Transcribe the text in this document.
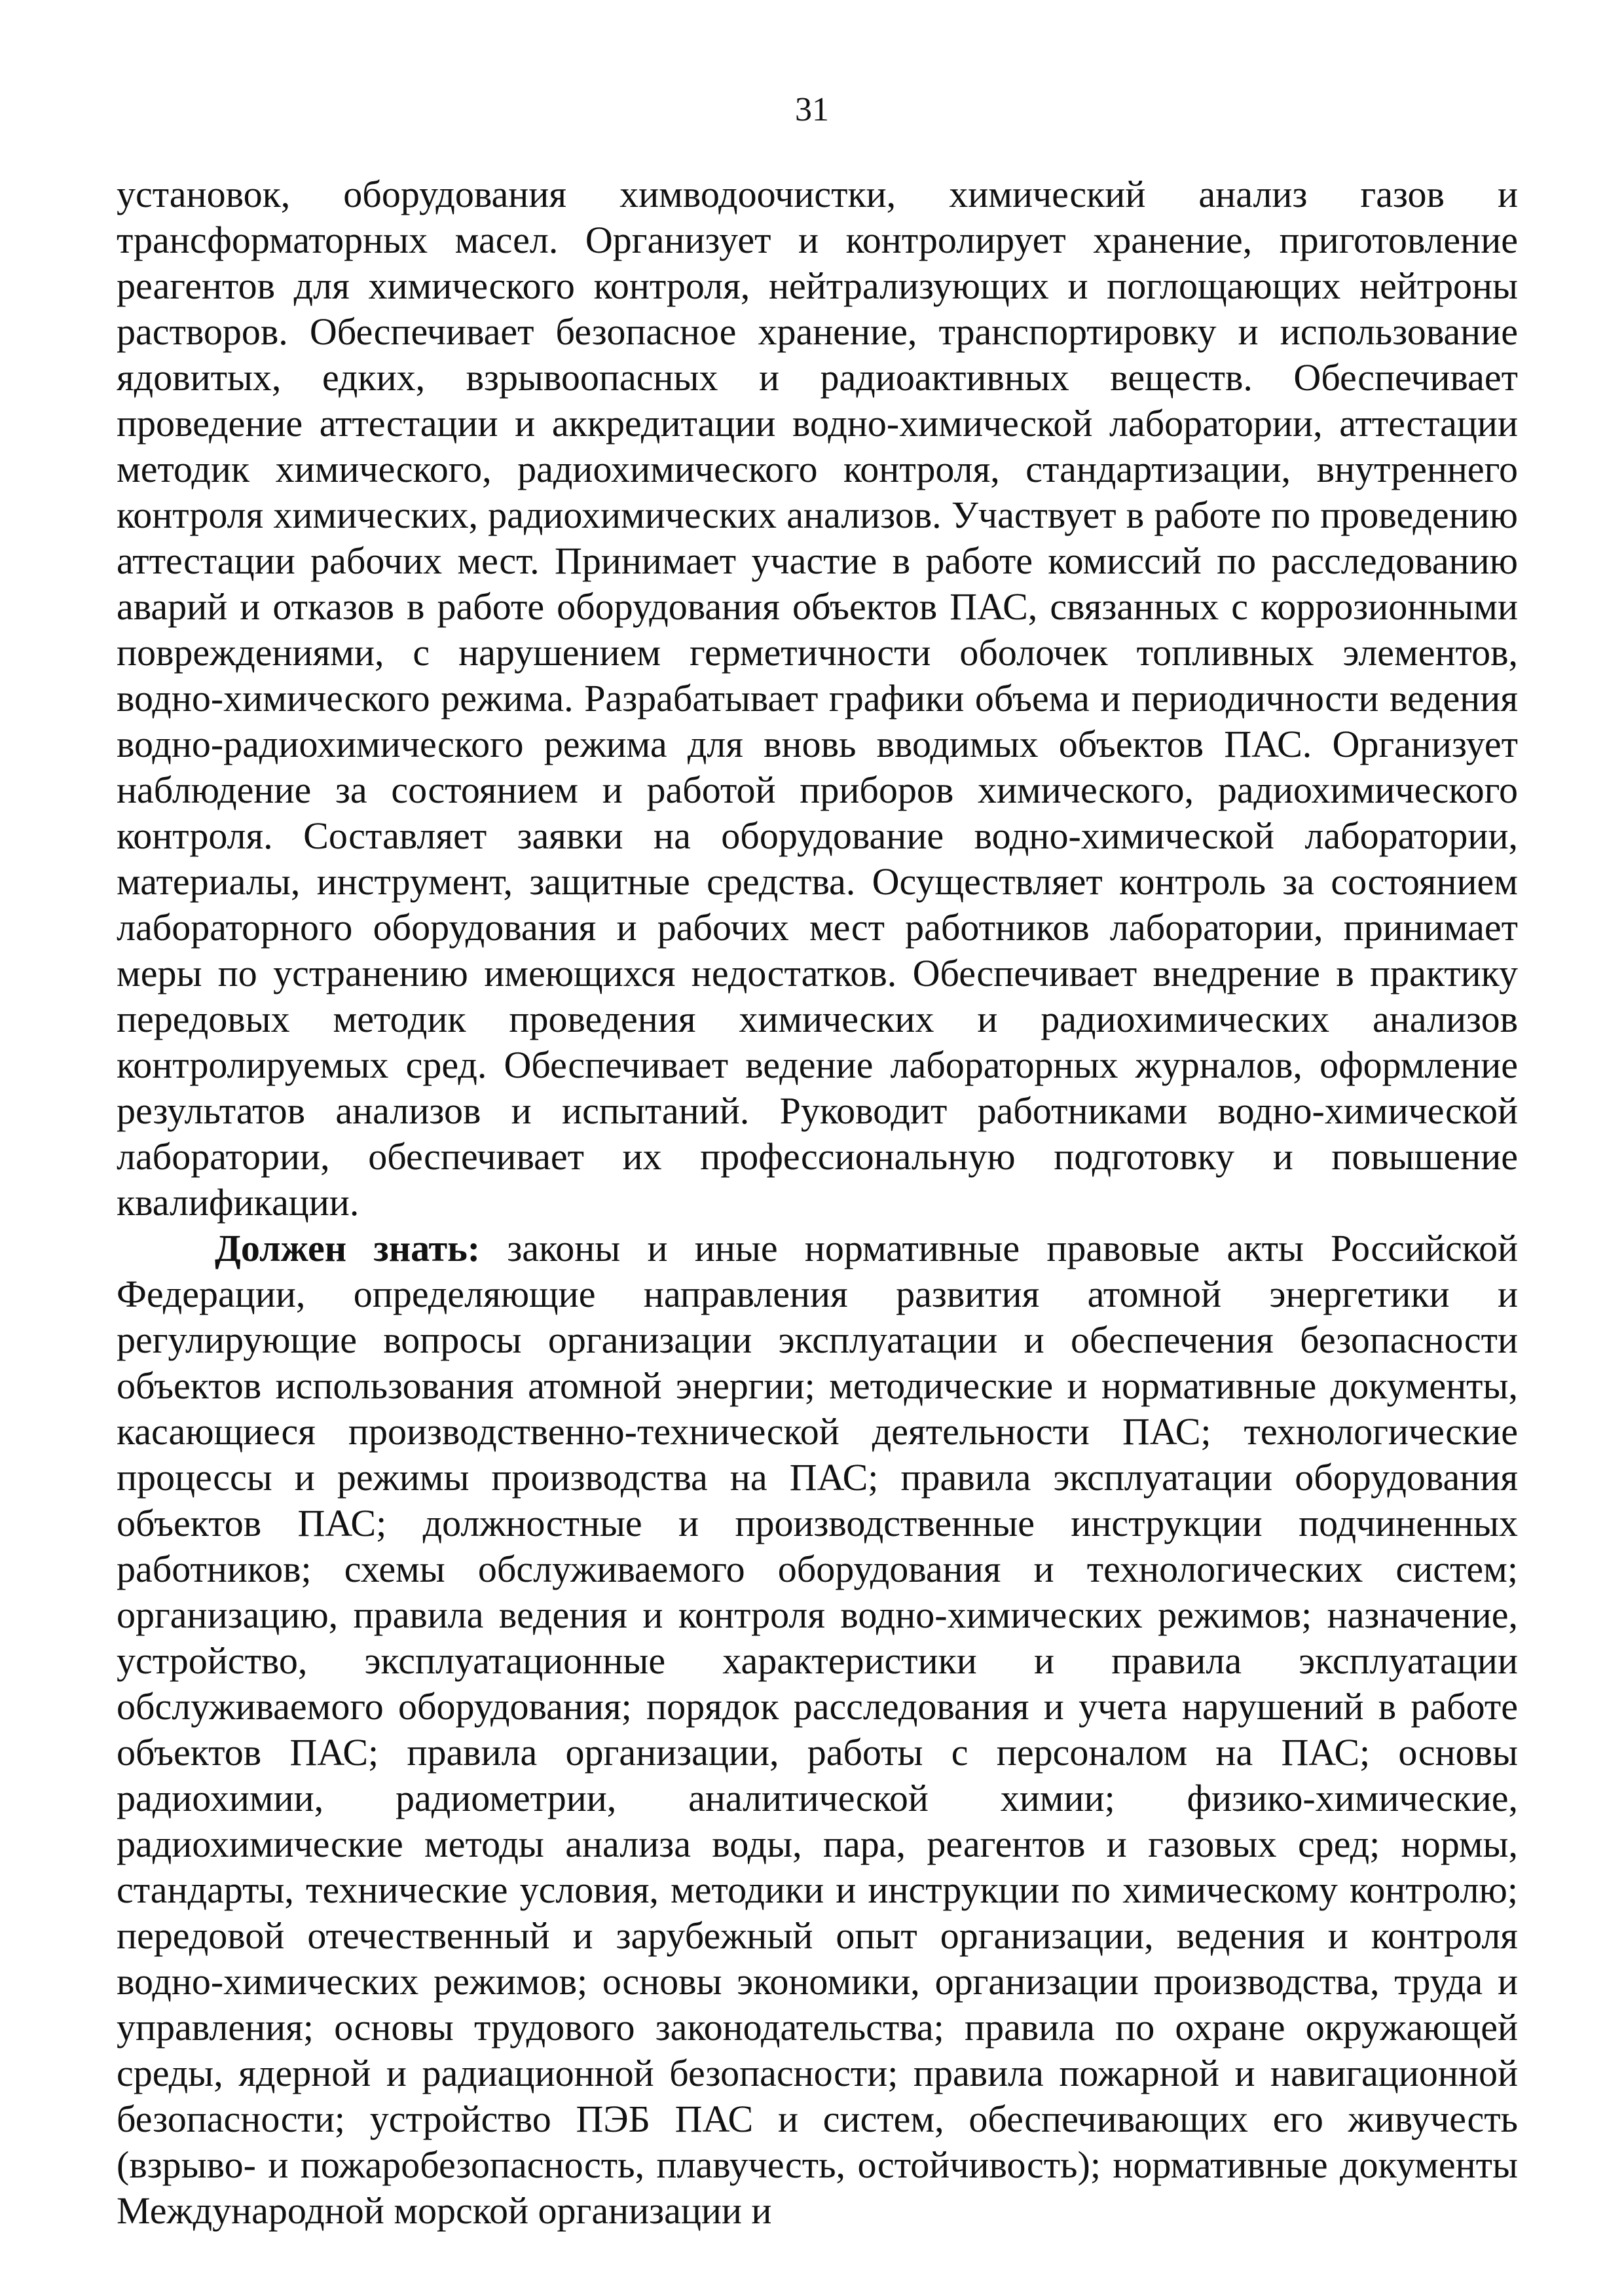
31

установок, оборудования химводоочистки, химический анализ газов и трансформаторных масел. Организует и контролирует хранение, приготовление реагентов для химического контроля, нейтрализующих и поглощающих нейтроны растворов. Обеспечивает безопасное хранение, транспортировку и использование ядовитых, едких, взрывоопасных и радиоактивных веществ. Обеспечивает проведение аттестации и аккредитации водно-химической лаборатории, аттестации методик химического, радиохимического контроля, стандартизации, внутреннего контроля химических, радиохимических анализов. Участвует в работе по проведению аттестации рабочих мест. Принимает участие в работе комиссий по расследованию аварий и отказов в работе оборудования объектов ПАС, связанных с коррозионными повреждениями, с нарушением герметичности оболочек топливных элементов, водно-химического режима. Разрабатывает графики объема и периодичности ведения водно-радиохимического режима для вновь вводимых объектов ПАС. Организует наблюдение за состоянием и работой приборов химического, радиохимического контроля. Составляет заявки на оборудование водно-химической лаборатории, материалы, инструмент, защитные средства. Осуществляет контроль за состоянием лабораторного оборудования и рабочих мест работников лаборатории, принимает меры по устранению имеющихся недостатков. Обеспечивает внедрение в практику передовых методик проведения химических и радиохимических анализов контролируемых сред. Обеспечивает ведение лабораторных журналов, оформление результатов анализов и испытаний. Руководит работниками водно-химической лаборатории, обеспечивает их профессиональную подготовку и повышение квалификации.

Должен знать: законы и иные нормативные правовые акты Российской Федерации, определяющие направления развития атомной энергетики и регулирующие вопросы организации эксплуатации и обеспечения безопасности объектов использования атомной энергии; методические и нормативные документы, касающиеся производственно-технической деятельности ПАС; технологические процессы и режимы производства на ПАС; правила эксплуатации оборудования объектов ПАС; должностные и производственные инструкции подчиненных работников; схемы обслуживаемого оборудования и технологических систем; организацию, правила ведения и контроля водно-химических режимов; назначение, устройство, эксплуатационные характеристики и правила эксплуатации обслуживаемого оборудования; порядок расследования и учета нарушений в работе объектов ПАС; правила организации, работы с персоналом на ПАС; основы радиохимии, радиометрии, аналитической химии; физико-химические, радиохимические методы анализа воды, пара, реагентов и газовых сред; нормы, стандарты, технические условия, методики и инструкции по химическому контролю; передовой отечественный и зарубежный опыт организации, ведения и контроля водно-химических режимов; основы экономики, организации производства, труда и управления; основы трудового законодательства; правила по охране окружающей среды, ядерной и радиационной безопасности; правила пожарной и навигационной безопасности; устройство ПЭБ ПАС и систем, обеспечивающих его живучесть (взрыво- и пожаробезопасность, плавучесть, остойчивость); нормативные документы Международной морской организации и
